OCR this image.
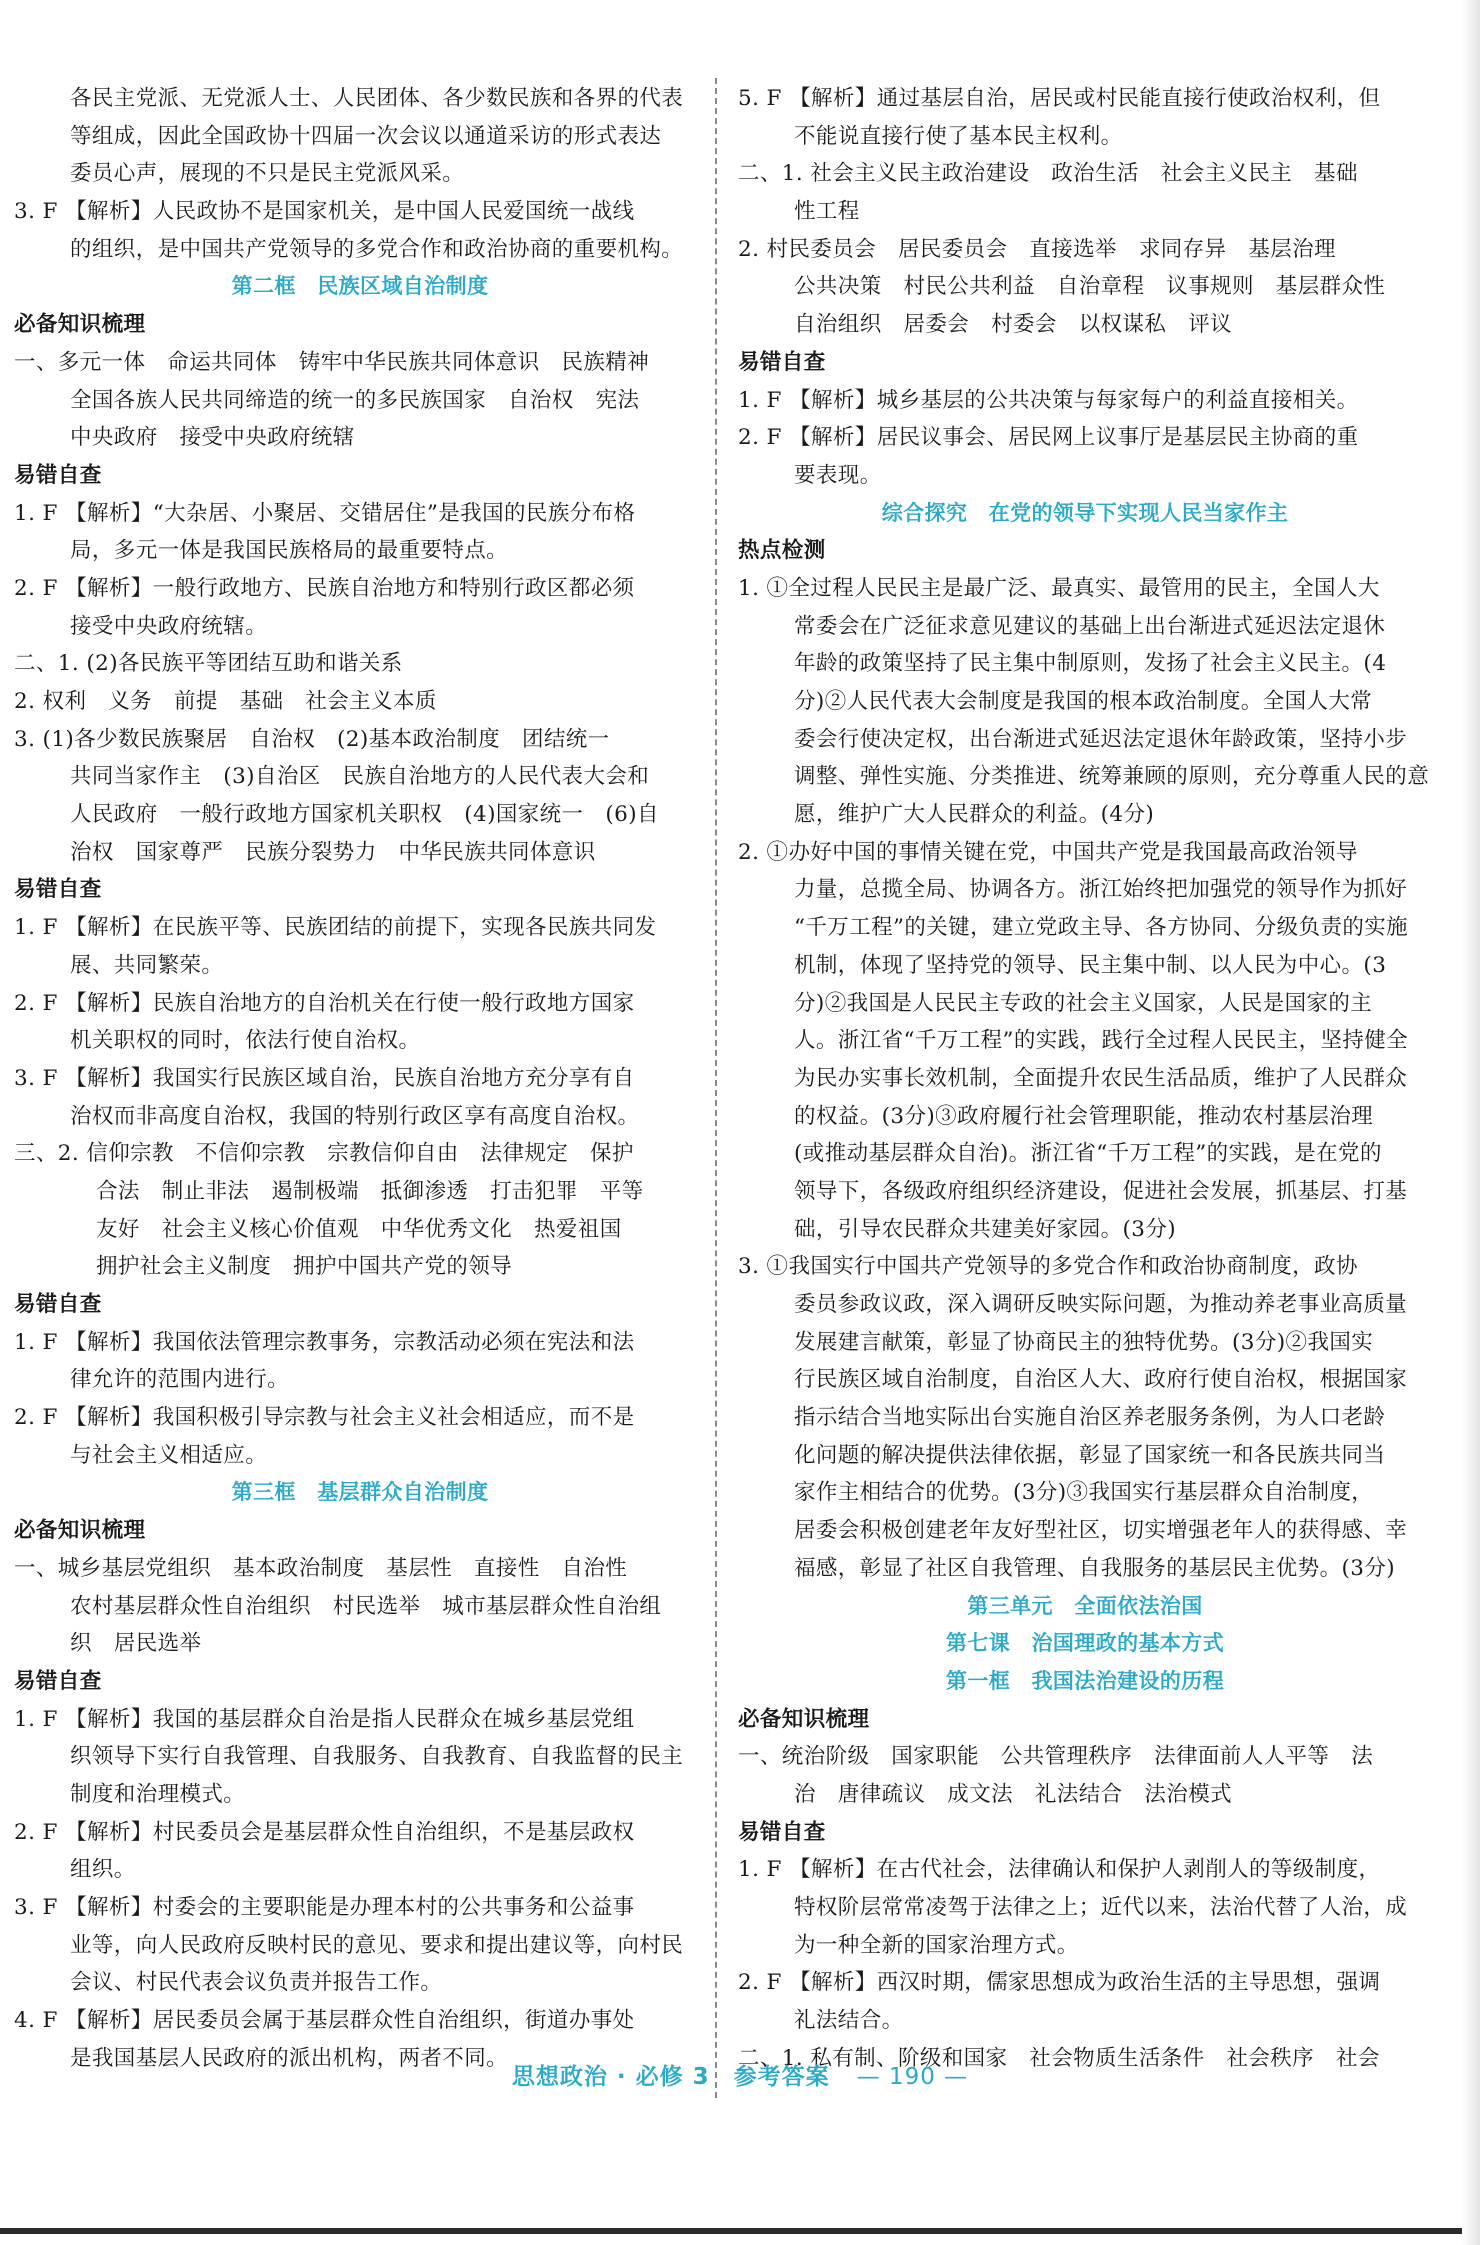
各民主党派、无党派人士、人民团体、各少数民族和各界的代表
等组成，因此全国政协十四届一次会议以通道采访的形式表达
委员心声，展现的不只是民主党派风采。
3. F 【解析】人民政协不是国家机关，是中国人民爱国统一战线
的组织，是中国共产党领导的多党合作和政治协商的重要机构。
第二框　民族区域自治制度
必备知识梳理
一、多元一体　命运共同体　铸牢中华民族共同体意识　民族精神
全国各族人民共同缔造的统一的多民族国家　自治权　宪法
中央政府　接受中央政府统辖
易错自查
1. F 【解析】“大杂居、小聚居、交错居住”是我国的民族分布格
局，多元一体是我国民族格局的最重要特点。
2. F 【解析】一般行政地方、民族自治地方和特别行政区都必须
接受中央政府统辖。
二、1. (2)各民族平等团结互助和谐关系
2. 权利　义务　前提　基础　社会主义本质
3. (1)各少数民族聚居　自治权　(2)基本政治制度　团结统一
共同当家作主　(3)自治区　民族自治地方的人民代表大会和
人民政府　一般行政地方国家机关职权　(4)国家统一　(6)自
治权　国家尊严　民族分裂势力　中华民族共同体意识
易错自查
1. F 【解析】在民族平等、民族团结的前提下，实现各民族共同发
展、共同繁荣。
2. F 【解析】民族自治地方的自治机关在行使一般行政地方国家
机关职权的同时，依法行使自治权。
3. F 【解析】我国实行民族区域自治，民族自治地方充分享有自
治权而非高度自治权，我国的特别行政区享有高度自治权。
三、2. 信仰宗教　不信仰宗教　宗教信仰自由　法律规定　保护
合法　制止非法　遏制极端　抵御渗透　打击犯罪　平等
友好　社会主义核心价值观　中华优秀文化　热爱祖国
拥护社会主义制度　拥护中国共产党的领导
易错自查
1. F 【解析】我国依法管理宗教事务，宗教活动必须在宪法和法
律允许的范围内进行。
2. F 【解析】我国积极引导宗教与社会主义社会相适应，而不是
与社会主义相适应。
第三框　基层群众自治制度
必备知识梳理
一、城乡基层党组织　基本政治制度　基层性　直接性　自治性
农村基层群众性自治组织　村民选举　城市基层群众性自治组
织　居民选举
易错自查
1. F 【解析】我国的基层群众自治是指人民群众在城乡基层党组
织领导下实行自我管理、自我服务、自我教育、自我监督的民主
制度和治理模式。
2. F 【解析】村民委员会是基层群众性自治组织，不是基层政权
组织。
3. F 【解析】村委会的主要职能是办理本村的公共事务和公益事
业等，向人民政府反映村民的意见、要求和提出建议等，向村民
会议、村民代表会议负责并报告工作。
4. F 【解析】居民委员会属于基层群众性自治组织，街道办事处
是我国基层人民政府的派出机构，两者不同。
5. F 【解析】通过基层自治，居民或村民能直接行使政治权利，但
不能说直接行使了基本民主权利。
二、1. 社会主义民主政治建设　政治生活　社会主义民主　基础
性工程
2. 村民委员会　居民委员会　直接选举　求同存异　基层治理
公共决策　村民公共利益　自治章程　议事规则　基层群众性
自治组织　居委会　村委会　以权谋私　评议
易错自查
1. F 【解析】城乡基层的公共决策与每家每户的利益直接相关。
2. F 【解析】居民议事会、居民网上议事厅是基层民主协商的重
要表现。
综合探究　在党的领导下实现人民当家作主
热点检测
1. ①全过程人民民主是最广泛、最真实、最管用的民主，全国人大
常委会在广泛征求意见建议的基础上出台渐进式延迟法定退休
年龄的政策坚持了民主集中制原则，发扬了社会主义民主。(4
分)②人民代表大会制度是我国的根本政治制度。全国人大常
委会行使决定权，出台渐进式延迟法定退休年龄政策，坚持小步
调整、弹性实施、分类推进、统筹兼顾的原则，充分尊重人民的意
愿，维护广大人民群众的利益。(4分)
2. ①办好中国的事情关键在党，中国共产党是我国最高政治领导
力量，总揽全局、协调各方。浙江始终把加强党的领导作为抓好
“千万工程”的关键，建立党政主导、各方协同、分级负责的实施
机制，体现了坚持党的领导、民主集中制、以人民为中心。(3
分)②我国是人民民主专政的社会主义国家，人民是国家的主
人。浙江省“千万工程”的实践，践行全过程人民民主，坚持健全
为民办实事长效机制，全面提升农民生活品质，维护了人民群众
的权益。(3分)③政府履行社会管理职能，推动农村基层治理
(或推动基层群众自治)。浙江省“千万工程”的实践，是在党的
领导下，各级政府组织经济建设，促进社会发展，抓基层、打基
础，引导农民群众共建美好家园。(3分)
3. ①我国实行中国共产党领导的多党合作和政治协商制度，政协
委员参政议政，深入调研反映实际问题，为推动养老事业高质量
发展建言献策，彰显了协商民主的独特优势。(3分)②我国实
行民族区域自治制度，自治区人大、政府行使自治权，根据国家
指示结合当地实际出台实施自治区养老服务条例，为人口老龄
化问题的解决提供法律依据，彰显了国家统一和各民族共同当
家作主相结合的优势。(3分)③我国实行基层群众自治制度，
居委会积极创建老年友好型社区，切实增强老年人的获得感、幸
福感，彰显了社区自我管理、自我服务的基层民主优势。(3分)
第三单元　全面依法治国
第七课　治国理政的基本方式
第一框　我国法治建设的历程
必备知识梳理
一、统治阶级　国家职能　公共管理秩序　法律面前人人平等　法
治　唐律疏议　成文法　礼法结合　法治模式
易错自查
1. F 【解析】在古代社会，法律确认和保护人剥削人的等级制度，
特权阶层常常凌驾于法律之上；近代以来，法治代替了人治，成
为一种全新的国家治理方式。
2. F 【解析】西汉时期，儒家思想成为政治生活的主导思想，强调
礼法结合。
二、1. 私有制、阶级和国家　社会物质生活条件　社会秩序　社会
思想政治 · 必修 3　参考答案 — 190 —
